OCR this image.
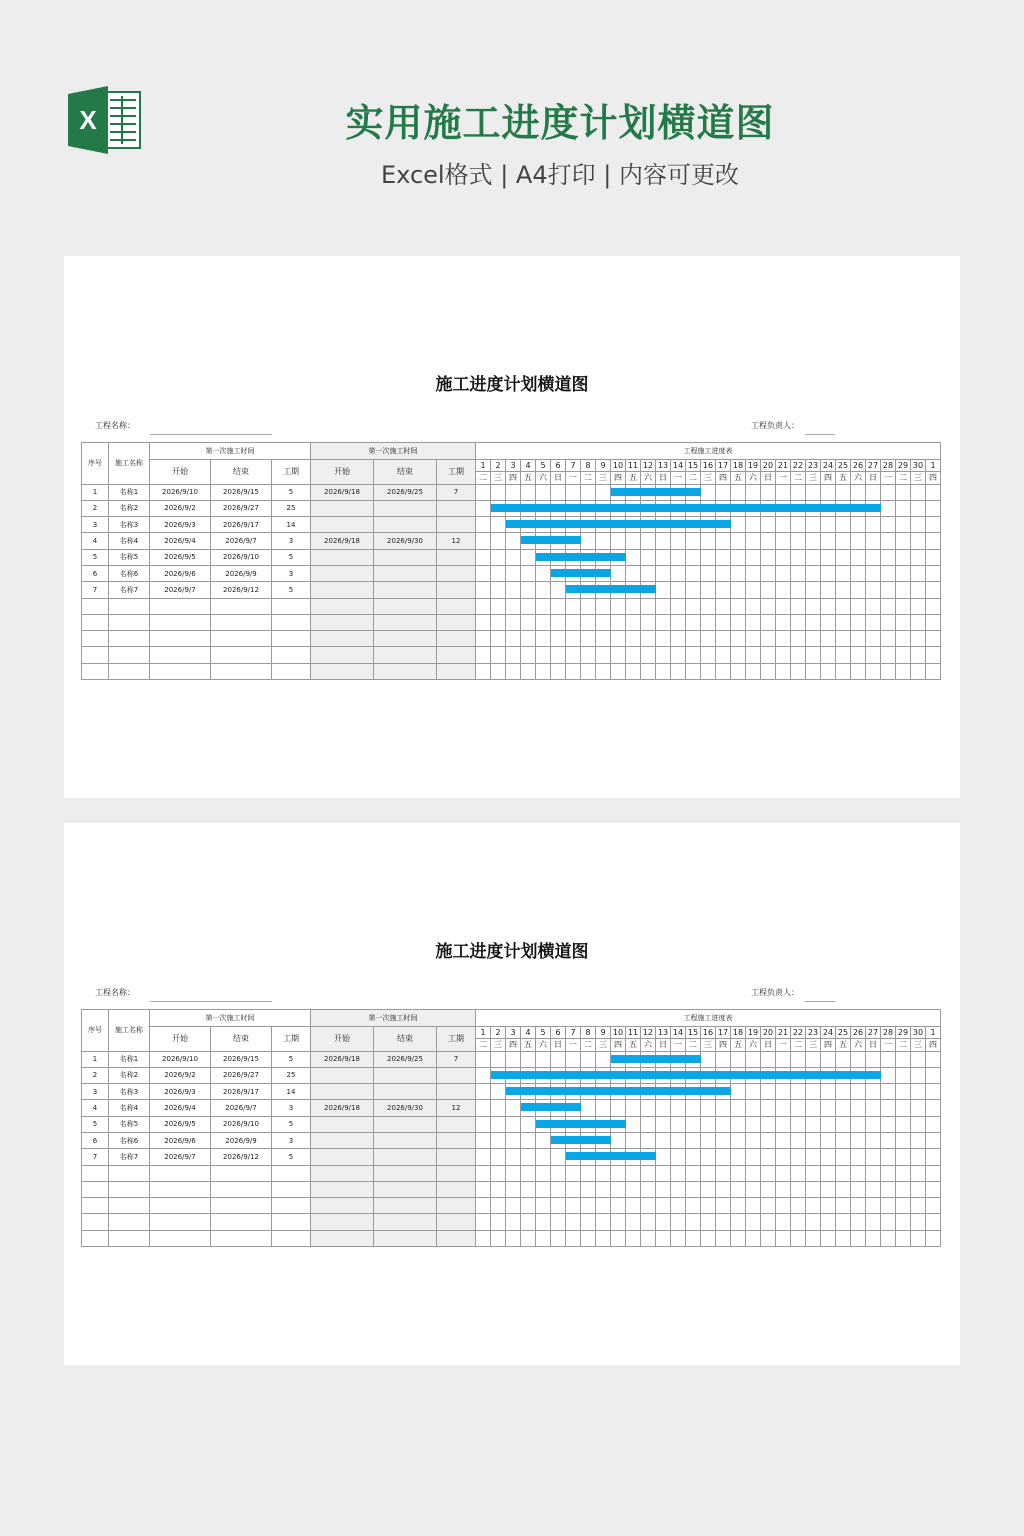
X	实用施工进度计划横道图
Excel格式 | A4打印 | 内容可更改
施工进度计划横道图
工程名称：	工程负责人：
序号	施工名称	第一次施工时间			第一次施工时间			工程施工进度表																														
		开始	结束	工期	开始	结束	工期	1	2	3	4	5	6	7	8	9	10	11	12	13	14	15	16	17	18	19	20	21	22	23	24	25	26	27	28	29	30	1
								二	三	四	五	六	日	一	二	三	四	五	六	日	一	二	三	四	五	六	日	一	二	三	四	五	六	日	一	二	三	四
1	名称1	2026/9/10	2026/9/15	5	2026/9/18	2026/9/25	7										

2	名称2	2026/9/2	2026/9/27	25					

3	名称3	2026/9/3	2026/9/17	14						

4	名称4	2026/9/4	2026/9/7	3	2026/9/18	2026/9/30	12				

5	名称5	2026/9/5	2026/9/10	5								

6	名称6	2026/9/6	2026/9/9	3									

7	名称7	2026/9/7	2026/9/12	5										

施工进度计划横道图
工程名称：	工程负责人：
序号	施工名称	第一次施工时间			第一次施工时间			工程施工进度表																														
		开始	结束	工期	开始	结束	工期	1	2	3	4	5	6	7	8	9	10	11	12	13	14	15	16	17	18	19	20	21	22	23	24	25	26	27	28	29	30	1
								二	三	四	五	六	日	一	二	三	四	五	六	日	一	二	三	四	五	六	日	一	二	三	四	五	六	日	一	二	三	四
1	名称1	2026/9/10	2026/9/15	5	2026/9/18	2026/9/25	7										

2	名称2	2026/9/2	2026/9/27	25					

3	名称3	2026/9/3	2026/9/17	14						

4	名称4	2026/9/4	2026/9/7	3	2026/9/18	2026/9/30	12				

5	名称5	2026/9/5	2026/9/10	5								

6	名称6	2026/9/6	2026/9/9	3									

7	名称7	2026/9/7	2026/9/12	5										
